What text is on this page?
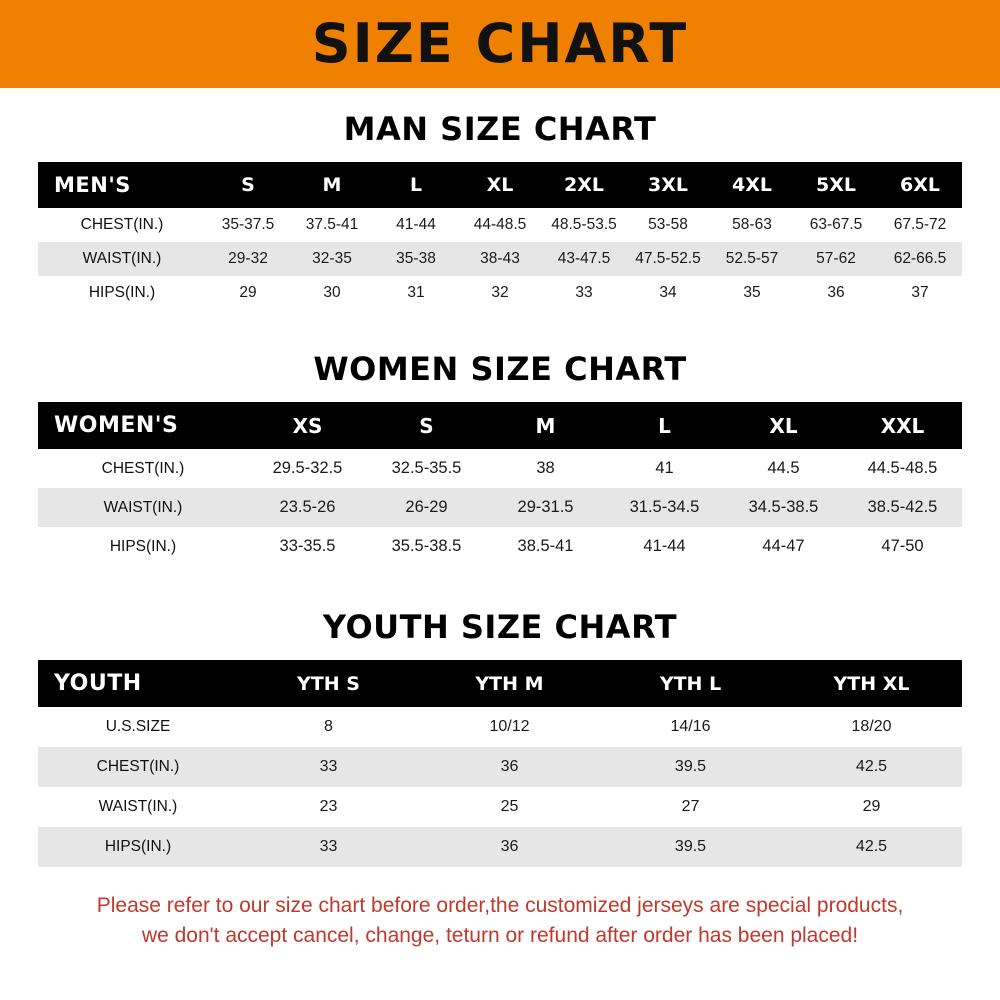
SIZE CHART
MAN SIZE CHART
MEN'S	S	M	L	XL	2XL	3XL	4XL	5XL	6XL
CHEST(IN.)	35-37.5	37.5-41	41-44	44-48.5	48.5-53.5	53-58	58-63	63-67.5	67.5-72
WAIST(IN.)	29-32	32-35	35-38	38-43	43-47.5	47.5-52.5	52.5-57	57-62	62-66.5
HIPS(IN.)	29	30	31	32	33	34	35	36	37
WOMEN SIZE CHART
WOMEN'S	XS	S	M	L	XL	XXL
CHEST(IN.)	29.5-32.5	32.5-35.5	38	41	44.5	44.5-48.5
WAIST(IN.)	23.5-26	26-29	29-31.5	31.5-34.5	34.5-38.5	38.5-42.5
HIPS(IN.)	33-35.5	35.5-38.5	38.5-41	41-44	44-47	47-50
YOUTH SIZE CHART
YOUTH	YTH S	YTH M	YTH L	YTH XL
U.S.SIZE	8	10/12	14/16	18/20
CHEST(IN.)	33	36	39.5	42.5
WAIST(IN.)	23	25	27	29
HIPS(IN.)	33	36	39.5	42.5
Please refer to our size chart before order,the customized jerseys are special products,
we don't accept cancel, change, teturn or refund after order has been placed!
